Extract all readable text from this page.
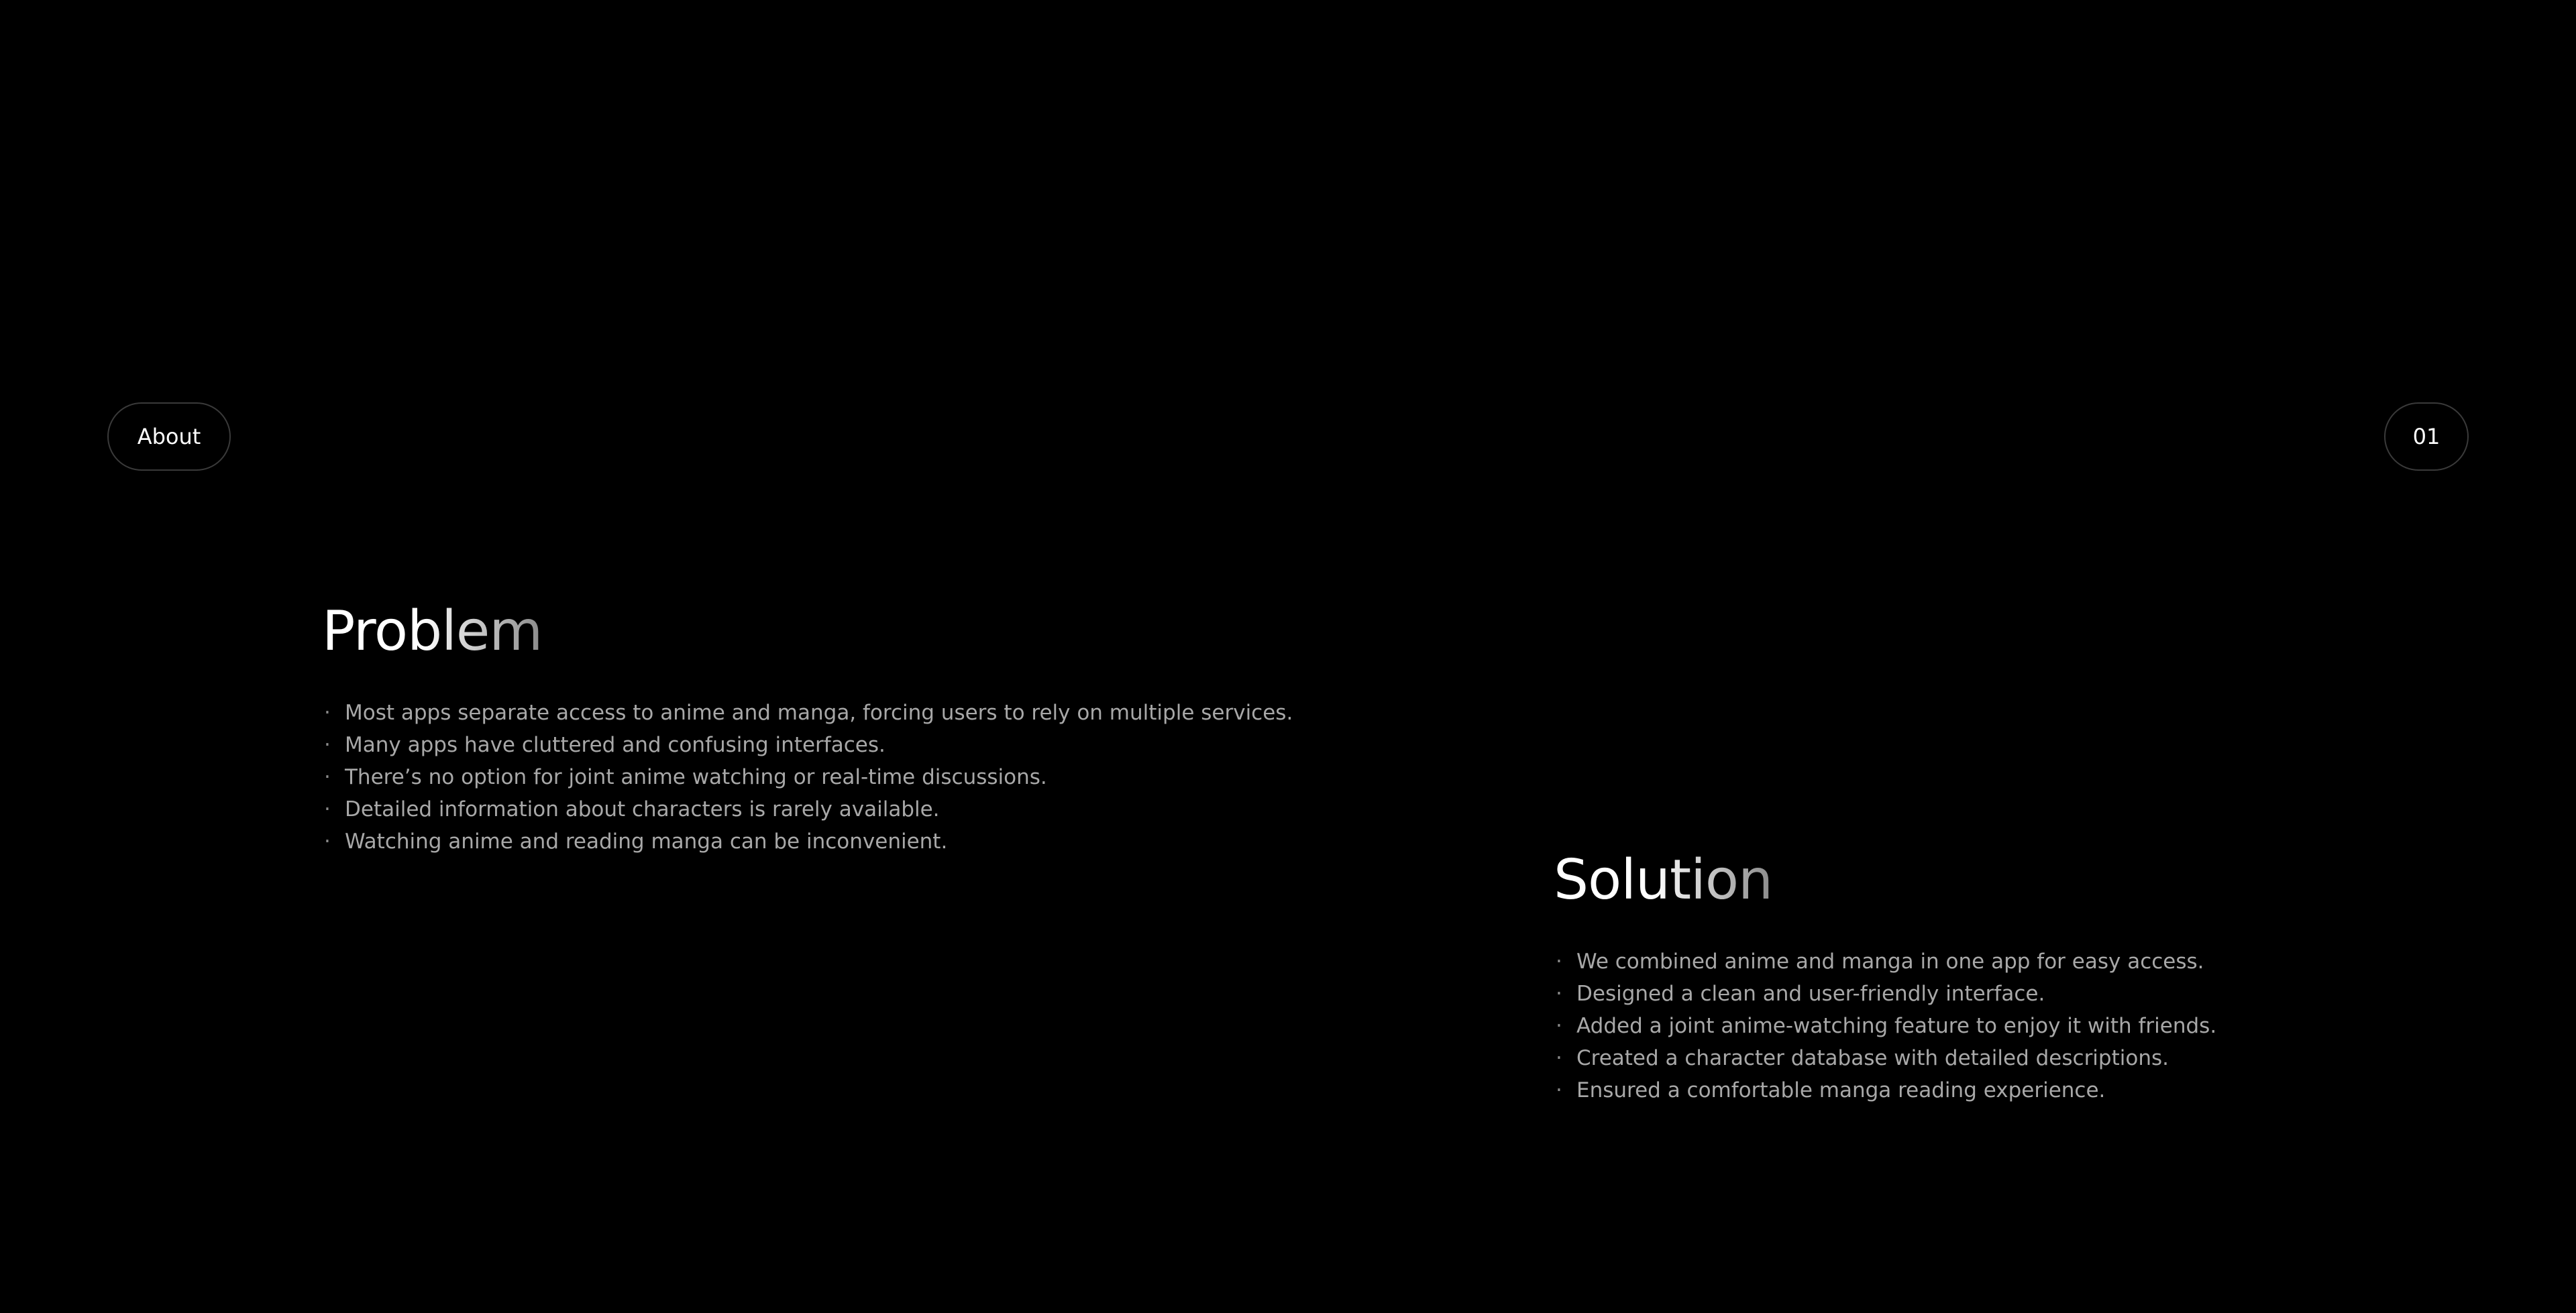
About	01
Problem
· Most apps separate access to anime and manga, forcing users to rely on multiple services.
· Many apps have cluttered and confusing interfaces.
· There’s no option for joint anime watching or real-time discussions.
· Detailed information about characters is rarely available.
· Watching anime and reading manga can be inconvenient.
Solution
· We combined anime and manga in one app for easy access.
· Designed a clean and user-friendly interface.
· Added a joint anime-watching feature to enjoy it with friends.
· Created a character database with detailed descriptions.
· Ensured a comfortable manga reading experience.
